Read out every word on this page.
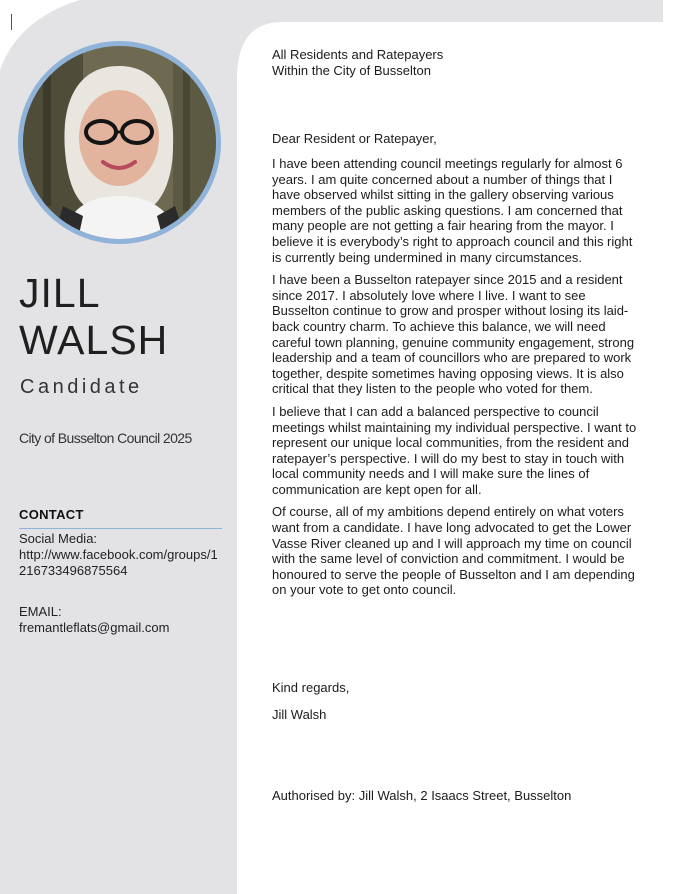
JILL
WALSH
Candidate
City of Busselton Council 2025
CONTACT
Social Media:
http://www.facebook.com/groups/1216733496875564
EMAIL:
fremantleflats@gmail.com

All Residents and Ratepayers

Within the City of Busselton

Dear Resident or Ratepayer,

I have been attending council meetings regularly for almost 6 years. I am quite concerned about a number of things that I have observed whilst sitting in the gallery observing various members of the public asking questions. I am concerned that many people are not getting a fair hearing from the mayor. I believe it is everybody’s right to approach council and this right is currently being undermined in many circumstances.

I have been a Busselton ratepayer since 2015 and a resident since 2017. I absolutely love where I live. I want to see Busselton continue to grow and prosper without losing its laid-back country charm. To achieve this balance, we will need careful town planning, genuine community engagement, strong leadership and a team of councillors who are prepared to work together, despite sometimes having opposing views. It is also critical that they listen to the people who voted for them.

I believe that I can add a balanced perspective to council meetings whilst maintaining my individual perspective. I want to represent our unique local communities, from the resident and ratepayer’s perspective. I will do my best to stay in touch with local community needs and I will make sure the lines of communication are kept open for all.

Of course, all of my ambitions depend entirely on what voters want from a candidate. I have long advocated to get the Lower Vasse River cleaned up and I will approach my time on council with the same level of conviction and commitment. I would be honoured to serve the people of Busselton and I am depending on your vote to get onto council.

Kind regards,

Jill Walsh

Authorised by: Jill Walsh, 2 Isaacs Street, Busselton
